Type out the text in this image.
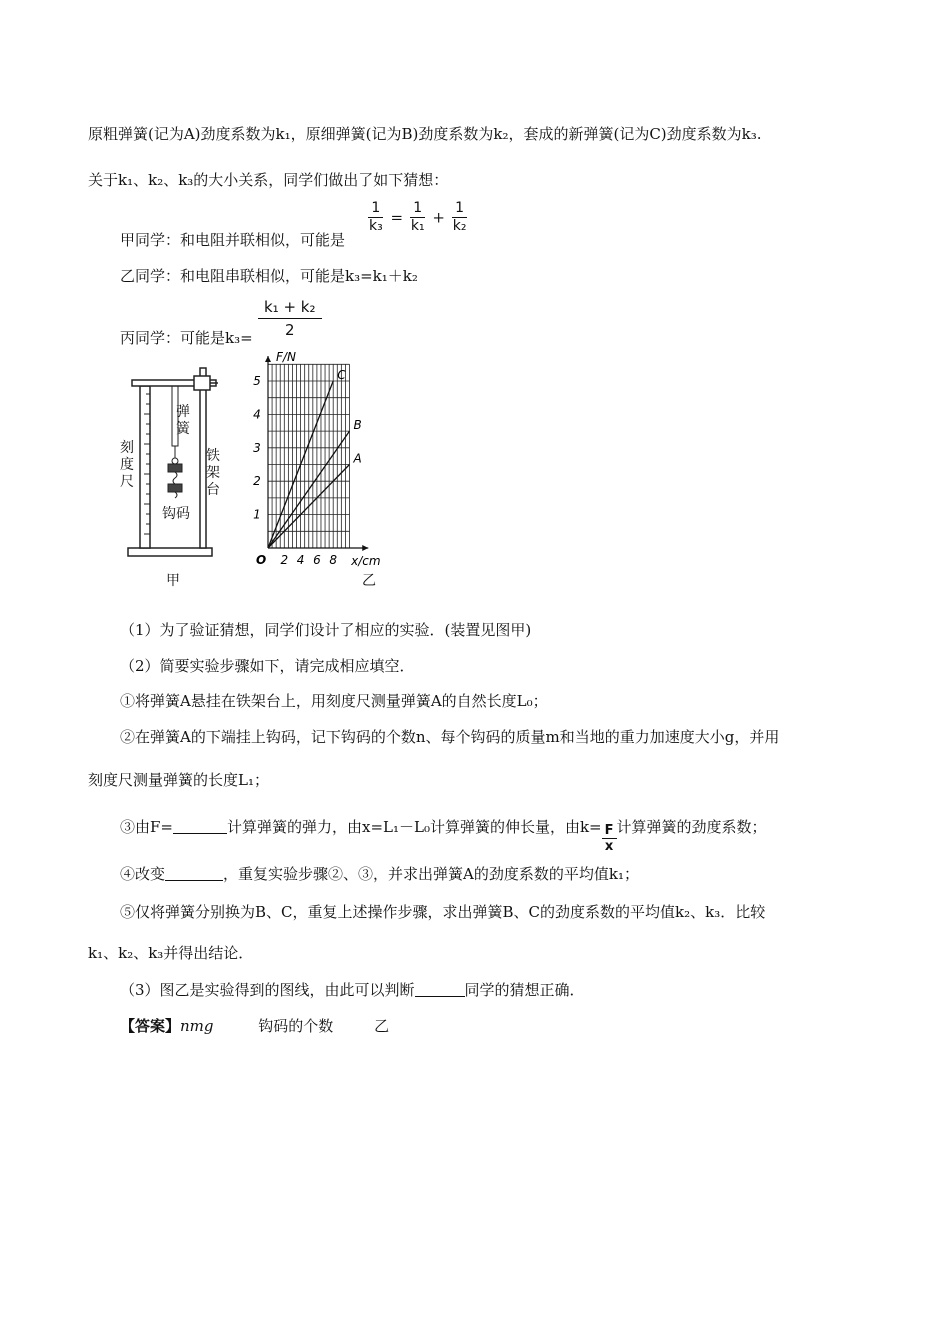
原粗弹簧(记为A)劲度系数为k₁，原细弹簧(记为B)劲度系数为k₂，套成的新弹簧(记为C)劲度系数为k₃.
关于k₁、k₂、k₃的大小关系，同学们做出了如下猜想：
甲同学：和电阻并联相似，可能是
$\frac{1}{\text{k₃}} = \frac{1}{\text{k₁}} + \frac{1}{\text{k₂}}$
乙同学：和电阻串联相似，可能是k₃=k₁＋k₂
丙同学：可能是$k_3= \frac{\text{k₁ + k₂}}{2}$
刻度尺
弹簧
铁架台
钩码
甲
2 4 6 8
1
2
3
4
5
O	x/cm
F/N
C
B
A
乙
（1）为了验证猜想，同学们设计了相应的实验．(装置见图甲)
（2）简要实验步骤如下，请完成相应填空．
①将弹簧A悬挂在铁架台上，用刻度尺测量弹簧A的自然长度L₀；
②在弹簧A的下端挂上钩码，记下钩码的个数n、每个钩码的质量m和当地的重力加速度大小g，并用
刻度尺测量弹簧的长度L₁；
③由F=	计算弹簧的弹力，由x=L₁－L₀计算弹簧的伸长量，由$k= \frac{F}{x}$ 计算弹簧的劲度系数；
④改变	，重复实验步骤②、③，并求出弹簧A的劲度系数的平均值k₁；
⑤仅将弹簧分别换为B、C，重复上述操作步骤，求出弹簧B、C的劲度系数的平均值k₂、k₃．比较
k₁、k₂、k₃并得出结论．
（3）图乙是实验得到的图线，由此可以判断	同学的猜想正确．
【答案】nmg	钩码的个数	乙
